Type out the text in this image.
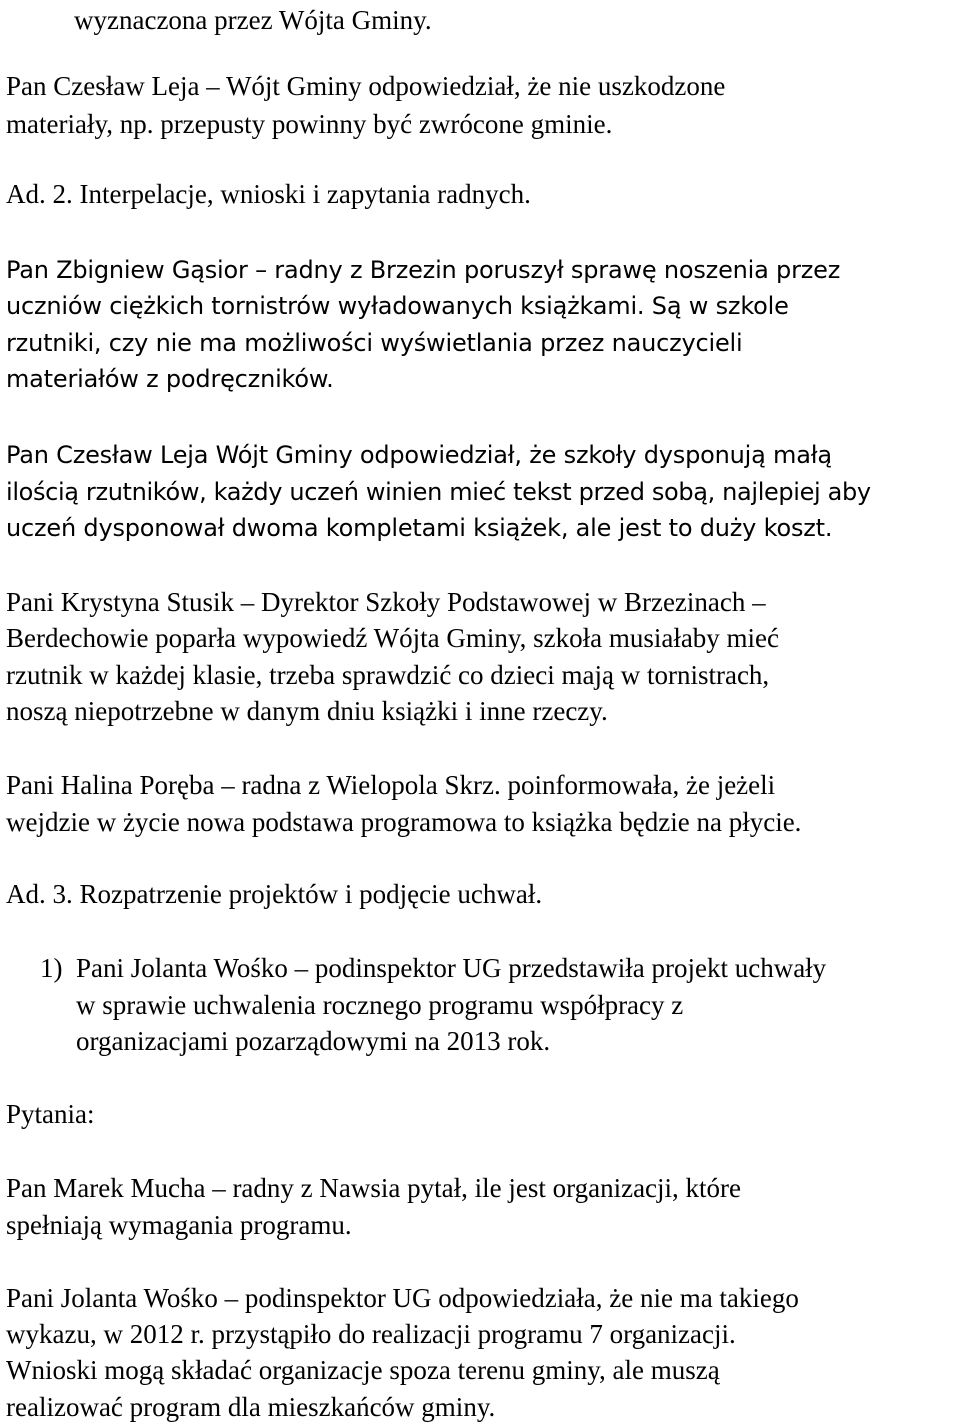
wyznaczona przez Wójta Gminy.
Pan Czesław Leja – Wójt Gminy odpowiedział, że nie uszkodzone
materiały, np. przepusty powinny być zwrócone gminie.
Ad. 2. Interpelacje, wnioski i zapytania radnych.
Pan Zbigniew Gąsior – radny z Brzezin poruszył sprawę noszenia przez
uczniów ciężkich tornistrów wyładowanych książkami. Są w szkole
rzutniki, czy nie ma możliwości wyświetlania przez nauczycieli
materiałów z podręczników.
Pan Czesław Leja Wójt Gminy odpowiedział, że szkoły dysponują małą
ilością rzutników, każdy uczeń winien mieć tekst przed sobą, najlepiej aby
uczeń dysponował dwoma kompletami książek, ale jest to duży koszt.
Pani Krystyna Stusik – Dyrektor Szkoły Podstawowej w Brzezinach –
Berdechowie poparła wypowiedź Wójta Gminy, szkoła musiałaby mieć
rzutnik w każdej klasie, trzeba sprawdzić co dzieci mają w tornistrach,
noszą niepotrzebne w danym dniu książki i inne rzeczy.
Pani Halina Poręba – radna z Wielopola Skrz. poinformowała, że jeżeli
wejdzie w życie nowa podstawa programowa to książka będzie na płycie.
Ad. 3. Rozpatrzenie projektów i podjęcie uchwał.
1) Pani Jolanta Wośko – podinspektor UG przedstawiła projekt uchwały
w sprawie uchwalenia rocznego programu współpracy z
organizacjami pozarządowymi na 2013 rok.
Pytania:
Pan Marek Mucha – radny z Nawsia pytał, ile jest organizacji, które
spełniają wymagania programu.
Pani Jolanta Wośko – podinspektor UG odpowiedziała, że nie ma takiego
wykazu, w 2012 r. przystąpiło do realizacji programu 7 organizacji.
Wnioski mogą składać organizacje spoza terenu gminy, ale muszą
realizować program dla mieszkańców gminy.
